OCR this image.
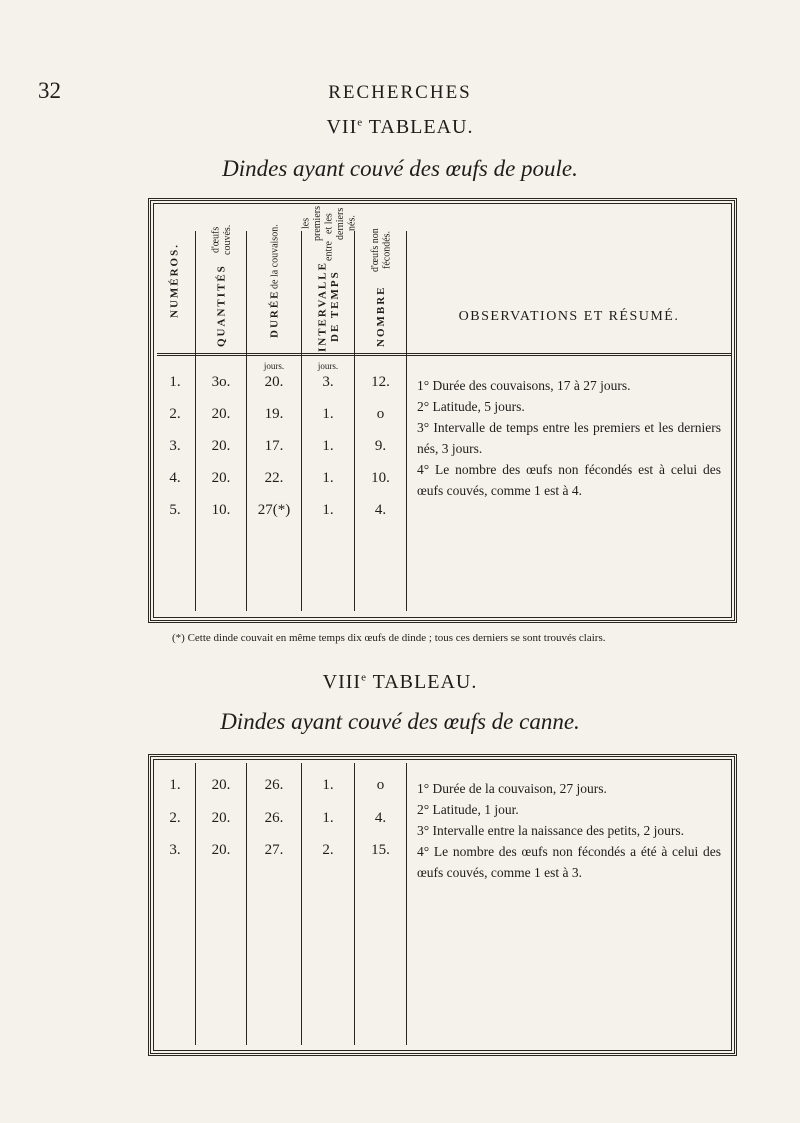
32	RECHERCHES
VIIe TABLEAU.
Dindes ayant couvé des œufs de poule.
NUMÉROS.	QUANTITÉS
d'œufs couvés.
DURÉE
de la couvaison.
INTERVALLE DE TEMPS
entre
les premiers et les derniers nés.
NOMBRE
d'œufs non fécondés.
OBSERVATIONS ET RÉSUMÉ.
jours.	jours.
1.	3o.	20.	3.	12.
2.	20.	19.	1.	o
3.	20.	17.	1.	9.
4.	20.	22.	1.	10.
5.	10.	27(*)	1.	4.

1° Durée des couvaisons, 17 à 27 jours.

2° Latitude, 5 jours.

3° Intervalle de temps entre les premiers et les derniers nés, 3 jours.

4° Le nombre des œufs non fécondés est à celui des œufs couvés, comme 1 est à 4.

(*) Cette dinde couvait en même temps dix œufs de dinde ; tous ces derniers se sont trouvés clairs.
VIIIe TABLEAU.
Dindes ayant couvé des œufs de canne.
1.	20.	26.	1.	o
2.	20.	26.	1.	4.
3.	20.	27.	2.	15.

1° Durée de la couvaison, 27 jours.

2° Latitude, 1 jour.

3° Intervalle entre la naissance des petits, 2 jours.

4° Le nombre des œufs non fécondés a été à celui des œufs couvés, comme 1 est à 3.
